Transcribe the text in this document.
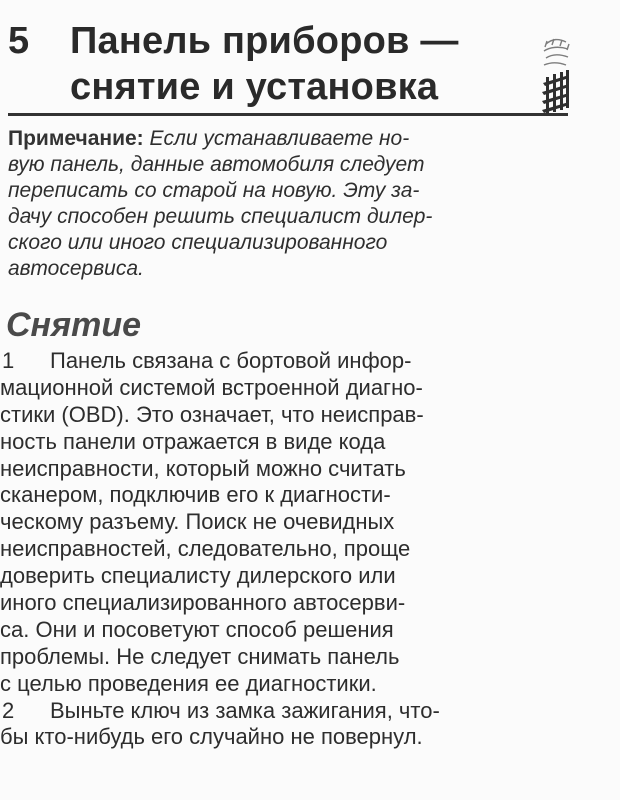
5 Панель приборов —
снятие и установка
Примечание: Если устанавливаете но-
вую панель, данные автомобиля следует
переписать со старой на новую. Эту за-
дачу способен решить специалист дилер-
ского или иного специализированного
автосервиса.
Снятие
1 Панель связана с бортовой инфор-
мационной системой встроенной диагно-
стики (OBD). Это означает, что неисправ-
ность панели отражается в виде кода
неисправности, который можно считать
сканером, подключив его к диагности-
ческому разъему. Поиск не очевидных
неисправностей, следовательно, проще
доверить специалисту дилерского или
иного специализированного автосерви-
са. Они и посоветуют способ решения
проблемы. Не следует снимать панель
с целью проведения ее диагностики.
2 Выньте ключ из замка зажигания, что-
бы кто-нибудь его случайно не повернул.
